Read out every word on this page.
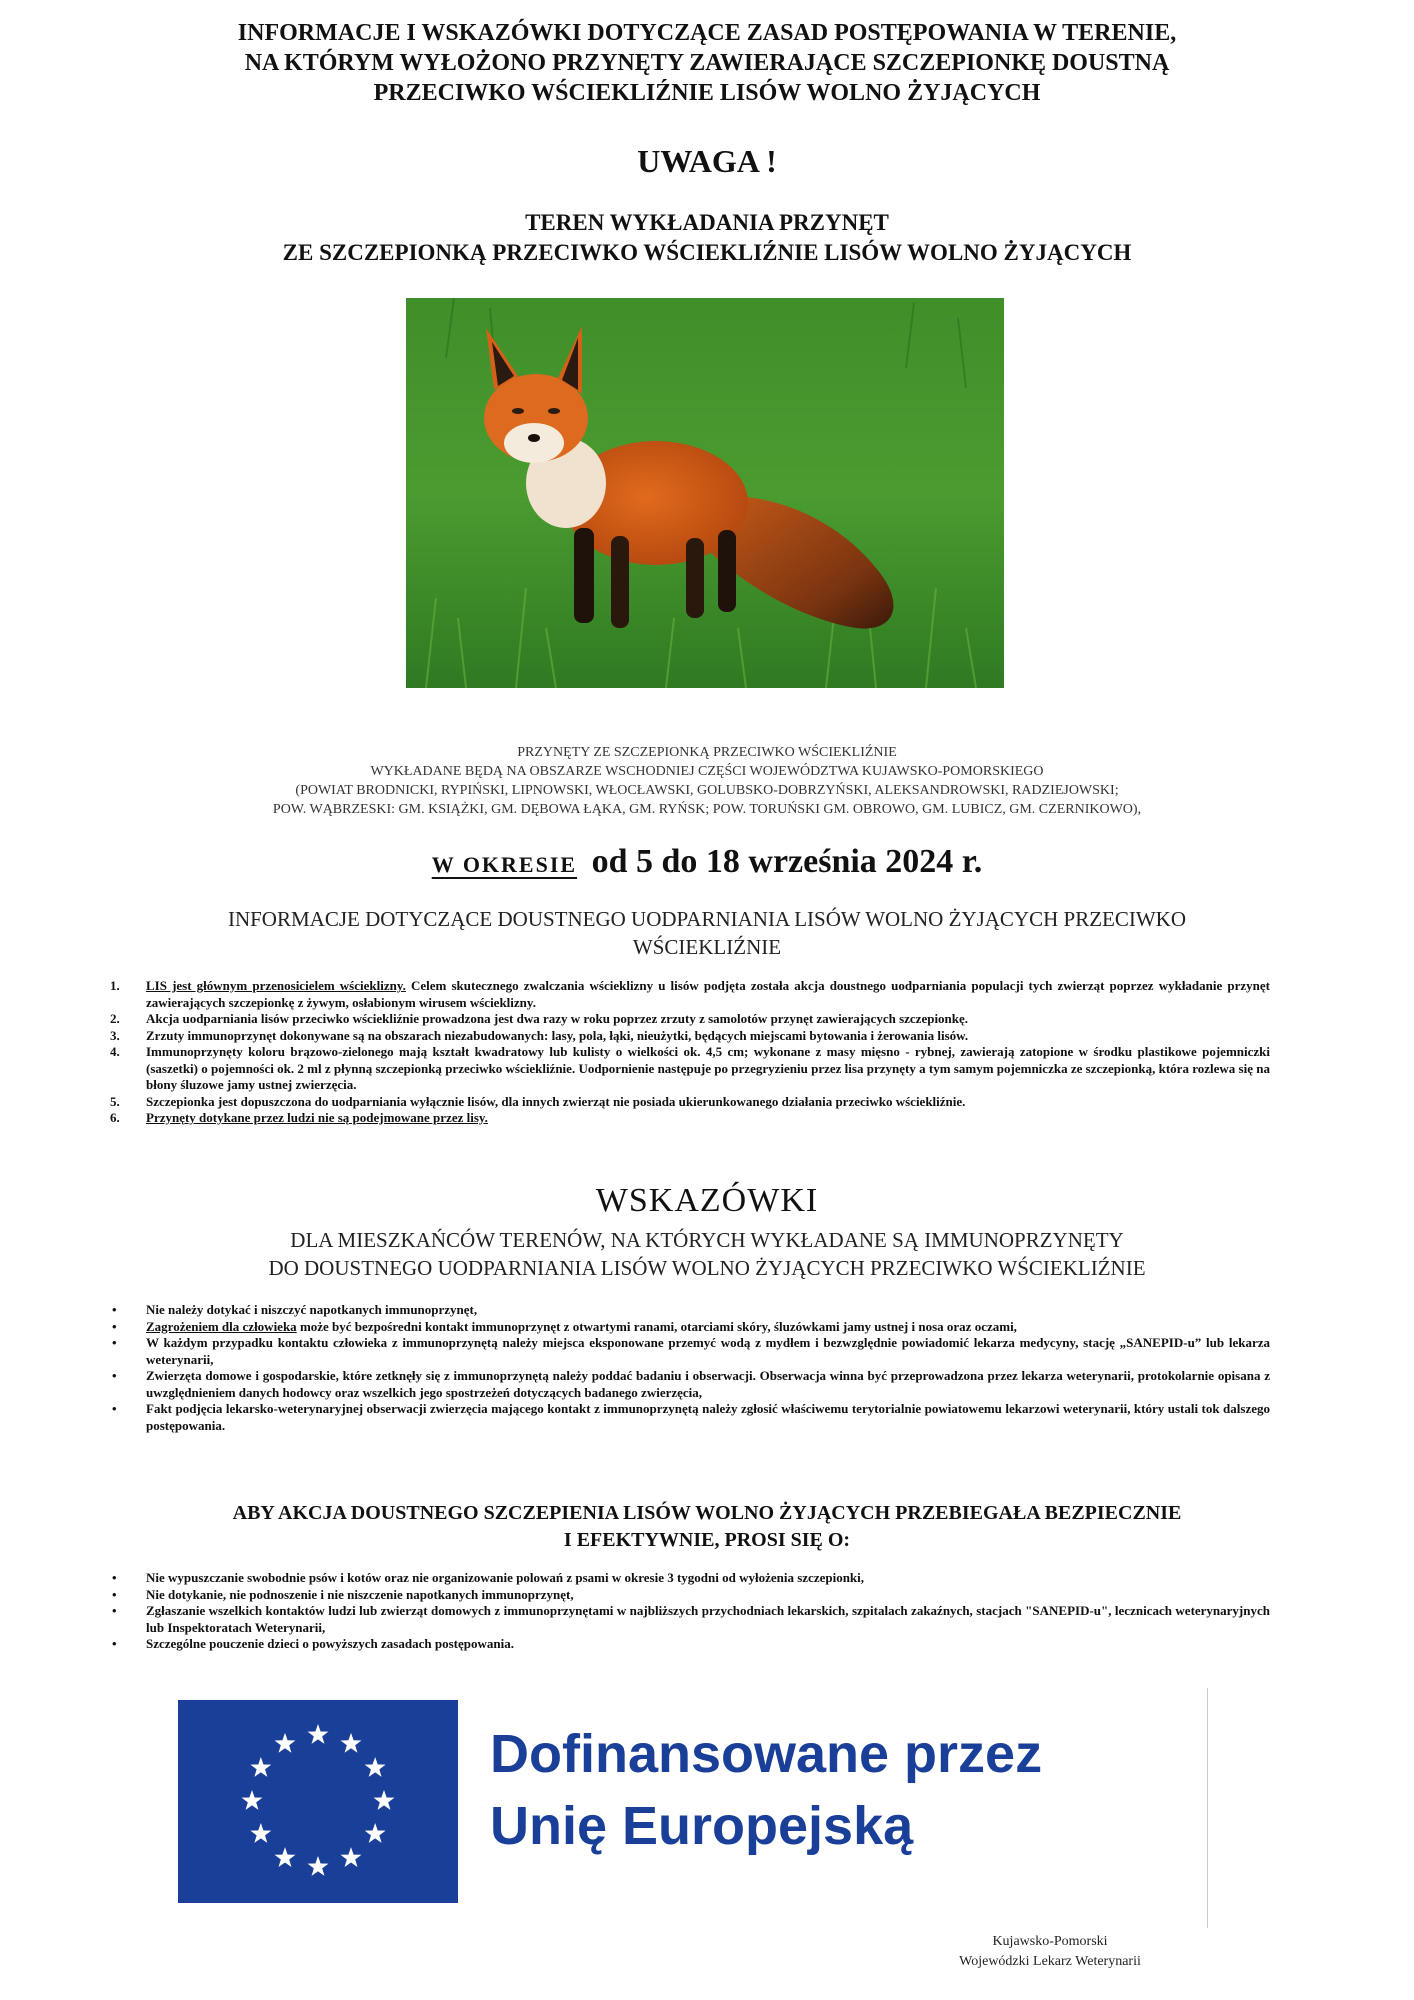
INFORMACJE I WSKAZÓWKI DOTYCZĄCE ZASAD POSTĘPOWANIA W TERENIE,
NA KTÓRYM WYŁOŻONO PRZYNĘTY ZAWIERAJĄCE SZCZEPIONKĘ DOUSTNĄ
PRZECIWKO WŚCIEKLIŹNIE LISÓW WOLNO ŻYJĄCYCH
UWAGA !
TEREN WYKŁADANIA PRZYNĘT
ZE SZCZEPIONKĄ PRZECIWKO WŚCIEKLIŹNIE LISÓW WOLNO ŻYJĄCYCH
PRZYNĘTY ZE SZCZEPIONKĄ PRZECIWKO WŚCIEKLIŹNIE
WYKŁADANE BĘDĄ NA OBSZARZE WSCHODNIEJ CZĘŚCI WOJEWÓDZTWA KUJAWSKO-POMORSKIEGO
(POWIAT BRODNICKI, RYPIŃSKI, LIPNOWSKI, WŁOCŁAWSKI, GOLUBSKO-DOBRZYŃSKI, ALEKSANDROWSKI, RADZIEJOWSKI;
POW. WĄBRZESKI: GM. KSIĄŻKI, GM. DĘBOWA ŁĄKA, GM. RYŃSK; POW. TORUŃSKI GM. OBROWO, GM. LUBICZ, GM. CZERNIKOWO),
W OKRESIE od 5 do 18 września 2024 r.
INFORMACJE DOTYCZĄCE DOUSTNEGO UODPARNIANIA LISÓW WOLNO ŻYJĄCYCH PRZECIWKO
WŚCIEKLIŹNIE
1. LIS jest głównym przenosicielem wścieklizny. Celem skutecznego zwalczania wścieklizny u lisów podjęta została akcja doustnego uodparniania populacji tych zwierząt poprzez wykładanie przynęt zawierających szczepionkę z żywym, osłabionym wirusem wścieklizny.
2. Akcja uodparniania lisów przeciwko wściekliźnie prowadzona jest dwa razy w roku poprzez zrzuty z samolotów przynęt zawierających szczepionkę.
3. Zrzuty immunoprzynęt dokonywane są na obszarach niezabudowanych: lasy, pola, łąki, nieużytki, będących miejscami bytowania i żerowania lisów.
4. Immunoprzynęty koloru brązowo-zielonego mają kształt kwadratowy lub kulisty o wielkości ok. 4,5 cm; wykonane z masy mięsno - rybnej, zawierają zatopione w środku plastikowe pojemniczki (saszetki) o pojemności ok. 2 ml z płynną szczepionką przeciwko wściekliźnie. Uodpornienie następuje po przegryzieniu przez lisa przynęty a tym samym pojemniczka ze szczepionką, która rozlewa się na błony śluzowe jamy ustnej zwierzęcia.
5. Szczepionka jest dopuszczona do uodparniania wyłącznie lisów, dla innych zwierząt nie posiada ukierunkowanego działania przeciwko wściekliźnie.
6. Przynęty dotykane przez ludzi nie są podejmowane przez lisy.
WSKAZÓWKI
DLA MIESZKAŃCÓW TERENÓW, NA KTÓRYCH WYKŁADANE SĄ IMMUNOPRZYNĘTY
DO DOUSTNEGO UODPARNIANIA LISÓW WOLNO ŻYJĄCYCH PRZECIWKO WŚCIEKLIŹNIE
• Nie należy dotykać i niszczyć napotkanych immunoprzynęt,
• Zagrożeniem dla człowieka może być bezpośredni kontakt immunoprzynęt z otwartymi ranami, otarciami skóry, śluzówkami jamy ustnej i nosa oraz oczami,
• W każdym przypadku kontaktu człowieka z immunoprzynętą należy miejsca eksponowane przemyć wodą z mydłem i bezwzględnie powiadomić lekarza medycyny, stację „SANEPID-u” lub lekarza weterynarii,
• Zwierzęta domowe i gospodarskie, które zetknęły się z immunoprzynętą należy poddać badaniu i obserwacji. Obserwacja winna być przeprowadzona przez lekarza weterynarii, protokolarnie opisana z uwzględnieniem danych hodowcy oraz wszelkich jego spostrzeżeń dotyczących badanego zwierzęcia,
• Fakt podjęcia lekarsko-weterynaryjnej obserwacji zwierzęcia mającego kontakt z immunoprzynętą należy zgłosić właściwemu terytorialnie powiatowemu lekarzowi weterynarii, który ustali tok dalszego postępowania.
ABY AKCJA DOUSTNEGO SZCZEPIENIA LISÓW WOLNO ŻYJĄCYCH PRZEBIEGAŁA BEZPIECZNIE
I EFEKTYWNIE, PROSI SIĘ O:
• Nie wypuszczanie swobodnie psów i kotów oraz nie organizowanie polowań z psami w okresie 3 tygodni od wyłożenia szczepionki,
• Nie dotykanie, nie podnoszenie i nie niszczenie napotkanych immunoprzynęt,
• Zgłaszanie wszelkich kontaktów ludzi lub zwierząt domowych z immunoprzynętami w najbliższych przychodniach lekarskich, szpitalach zakaźnych, stacjach "SANEPID-u", lecznicach weterynaryjnych lub Inspektoratach Weterynarii,
• Szczególne pouczenie dzieci o powyższych zasadach postępowania.
Dofinansowane przez
Unię Europejską
Kujawsko-Pomorski
Wojewódzki Lekarz Weterynarii
